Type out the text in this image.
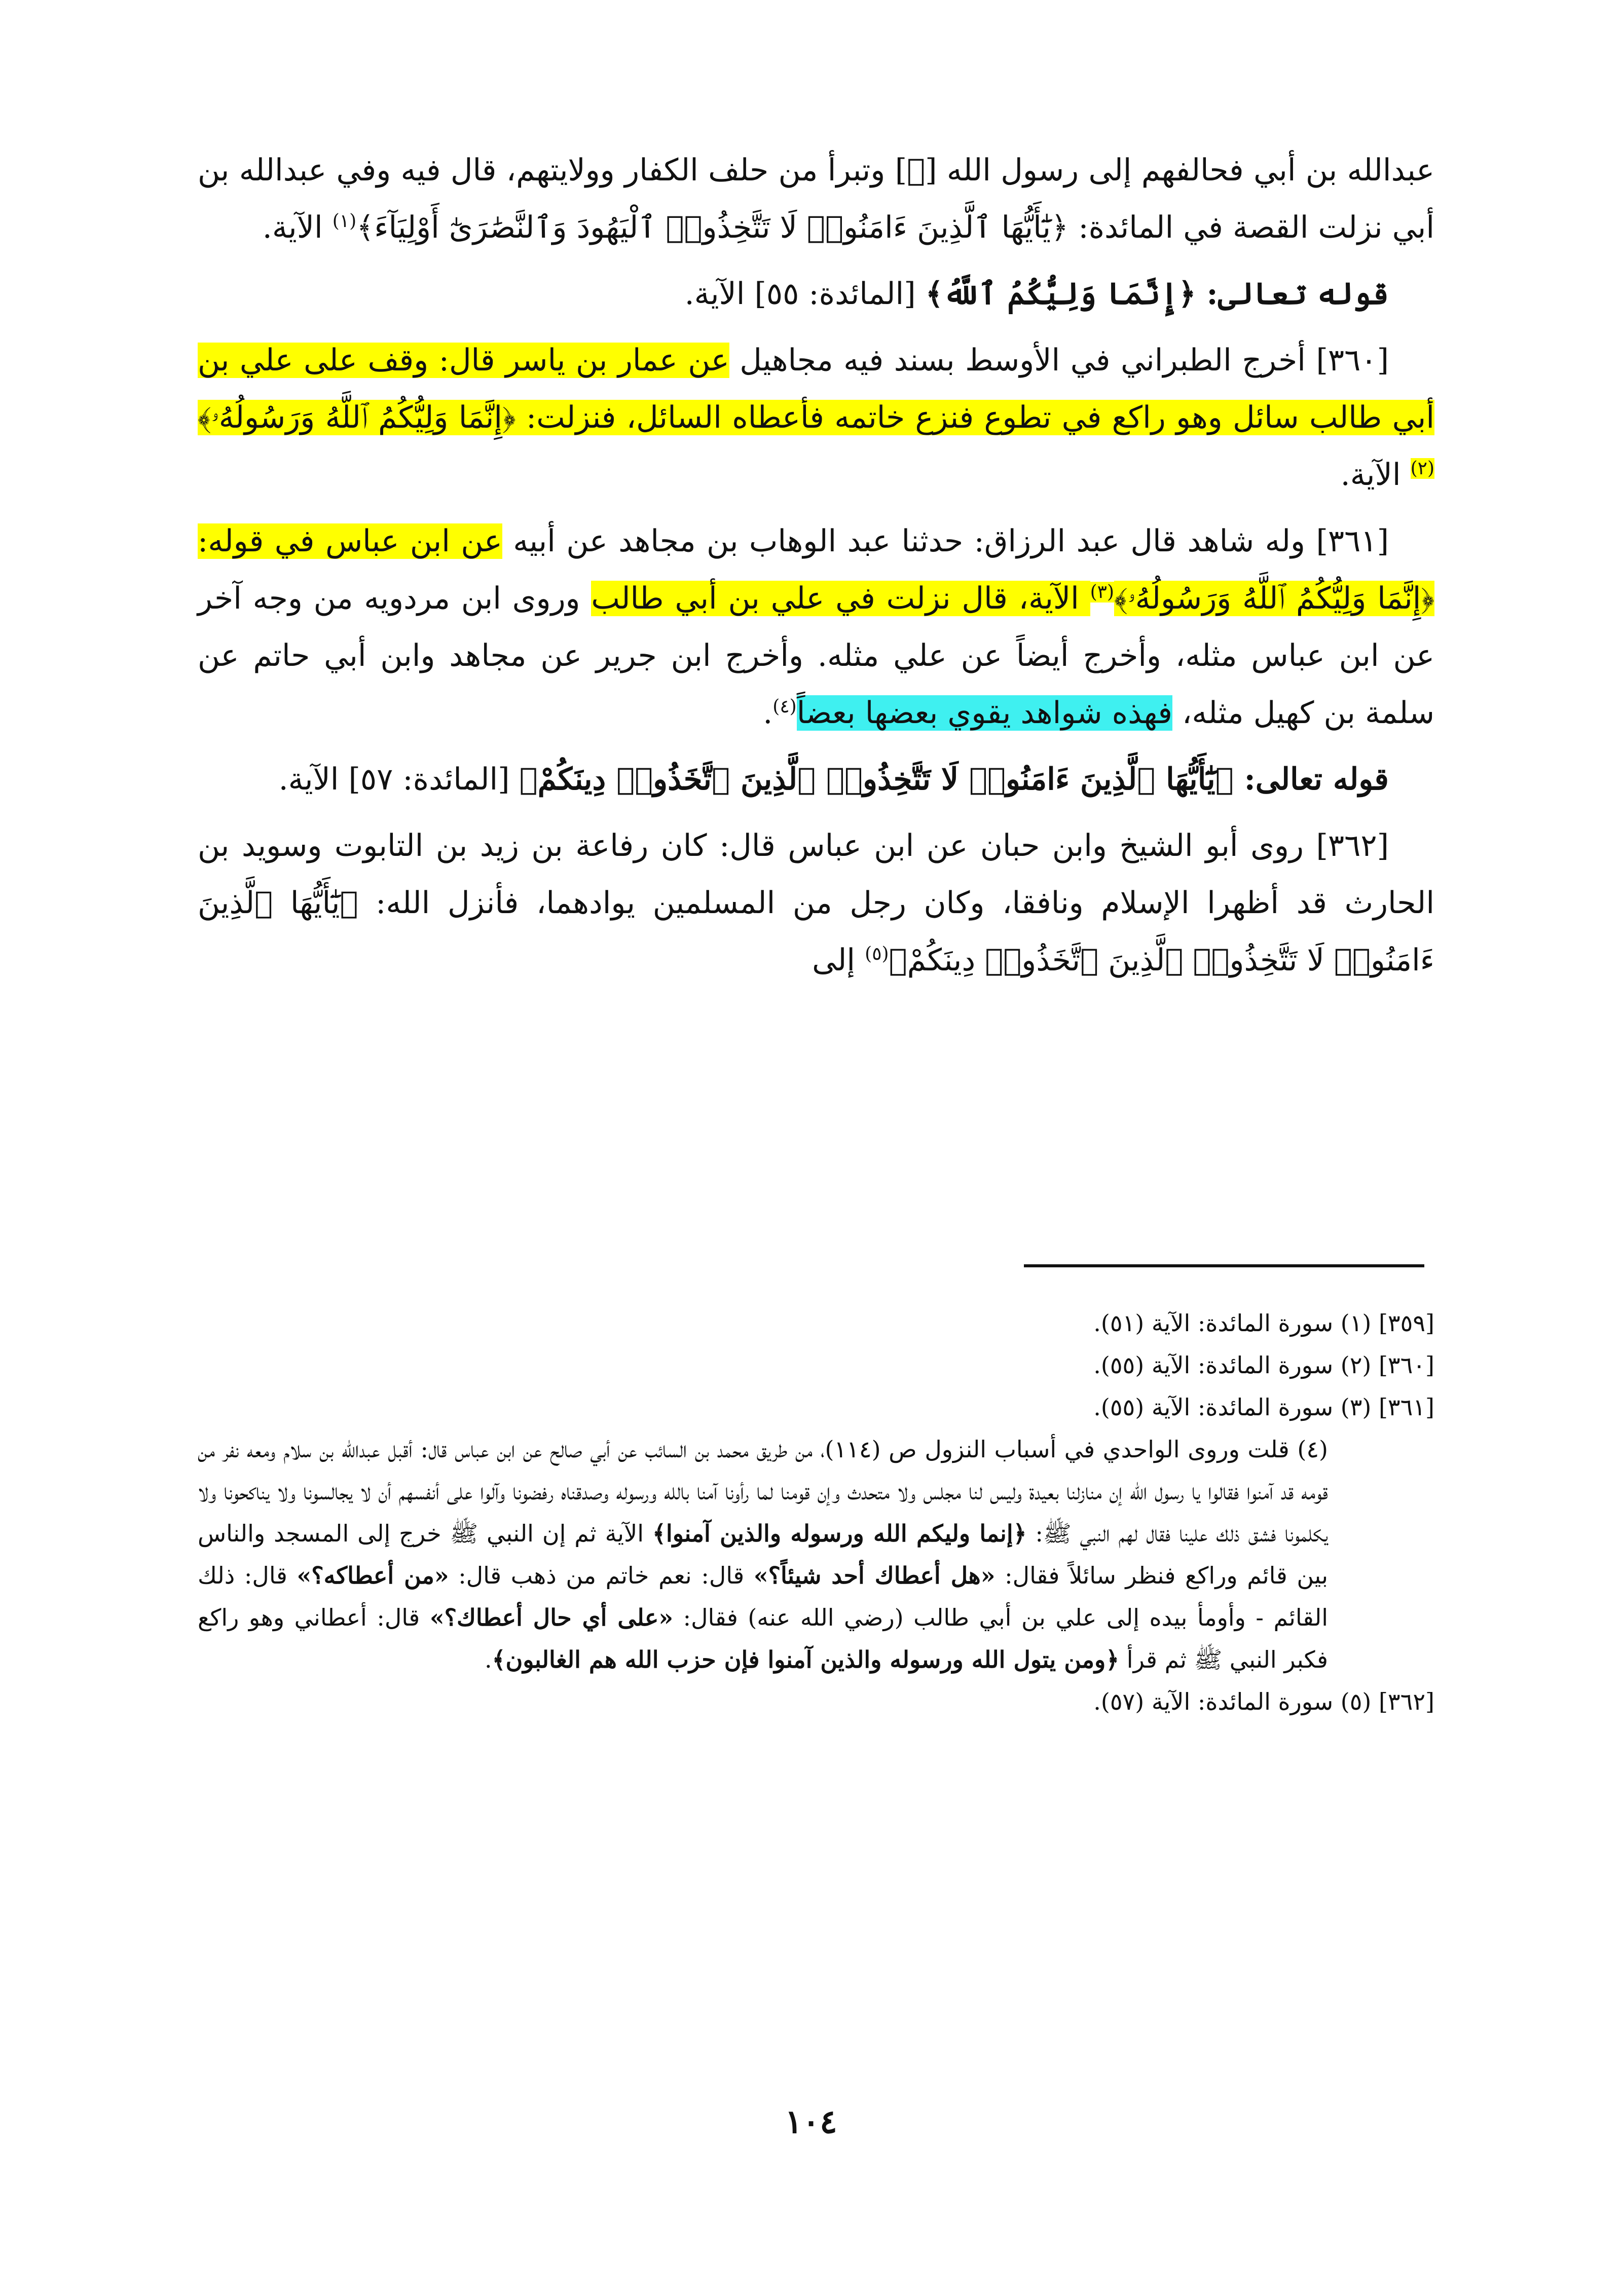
عبدالله بن أبي فحالفهم إلى رسول الله [ﷺ] وتبرأ من حلف الكفار وولايتهم، قال فيه وفي عبدالله بن أبي نزلت القصة في المائدة: ﴿يَٰٓأَيُّهَا ٱلَّذِينَ ءَامَنُوا۟ لَا تَتَّخِذُوا۟ ٱلْيَهُودَ وَٱلنَّصَٰرَىٰٓ أَوْلِيَآءَ﴾$^{(١)}$ الآية.

قوله تعالى: ﴿إِنَّمَا وَلِيُّكُمُ ٱللَّهُ﴾ [المائدة: ٥٥] الآية.

[٣٦٠] أخرج الطبراني في الأوسط بسند فيه مجاهيل عن عمار بن ياسر قال: وقف على علي بن أبي طالب سائل وهو راكع في تطوع فنزع خاتمه فأعطاه السائل، فنزلت: ﴿إِنَّمَا وَلِيُّكُمُ ٱللَّهُ وَرَسُولُهُۥ﴾$^{(٢)}$ الآية.

[٣٦١] وله شاهد قال عبد الرزاق: حدثنا عبد الوهاب بن مجاهد عن أبيه عن ابن عباس في قوله: ﴿إِنَّمَا وَلِيُّكُمُ ٱللَّهُ وَرَسُولُهُۥ﴾$^{(٣)}$ الآية، قال نزلت في علي بن أبي طالب وروى ابن مردويه من وجه آخر عن ابن عباس مثله، وأخرج أيضاً عن علي مثله. وأخرج ابن جرير عن مجاهد وابن أبي حاتم عن سلمة بن كهيل مثله، فهذه شواهد يقوي بعضها بعضاً$^{(٤)}$.

قوله تعالى: ﴿يَٰٓأَيُّهَا ٱلَّذِينَ ءَامَنُوا۟ لَا تَتَّخِذُوا۟ ٱلَّذِينَ ٱتَّخَذُوا۟ دِينَكُمْ﴾ [المائدة: ٥٧] الآية.

[٣٦٢] روى أبو الشيخ وابن حبان عن ابن عباس قال: كان رفاعة بن زيد بن التابوت وسويد بن الحارث قد أظهرا الإسلام ونافقا، وكان رجل من المسلمين يوادهما، فأنزل الله: ﴿يَٰٓأَيُّهَا ٱلَّذِينَ ءَامَنُوا۟ لَا تَتَّخِذُوا۟ ٱلَّذِينَ ٱتَّخَذُوا۟ دِينَكُمْ﴾$^{(٥)}$ إلى

[٣٥٩] (١) سورة المائدة: الآية (٥١).

[٣٦٠] (٢) سورة المائدة: الآية (٥٥).

[٣٦١] (٣) سورة المائدة: الآية (٥٥).

(٤) قلت وروى الواحدي في أسباب النزول ص (١١٤)، من طريق محمد بن السائب عن أبي صالح عن ابن عباس قال: أقبل عبدالله بن سلام ومعه نفر من قومه قد آمنوا فقالوا يا رسول الله إن منازلنا بعيدة وليس لنا مجلس ولا متحدث وإن قومنا لما رأونا آمنا بالله ورسوله وصدقناه رفضونا وآلوا على أنفسهم أن لا يجالسونا ولا يناكحونا ولا يكلمونا فشق ذلك علينا فقال لهم النبي ﷺ: ﴿إنما وليكم الله ورسوله والذين آمنوا﴾ الآية ثم إن النبي ﷺ خرج إلى المسجد والناس بين قائم وراكع فنظر سائلاً فقال: «هل أعطاك أحد شيئاً؟» قال: نعم خاتم من ذهب قال: «من أعطاكه؟» قال: ذلك القائم - وأومأ بيده إلى علي بن أبي طالب (رضي الله عنه) فقال: «على أي حال أعطاك؟» قال: أعطاني وهو راكع فكبر النبي ﷺ ثم قرأ ﴿ومن يتول الله ورسوله والذين آمنوا فإن حزب الله هم الغالبون﴾.

[٣٦٢] (٥) سورة المائدة: الآية (٥٧).

١٠٤
